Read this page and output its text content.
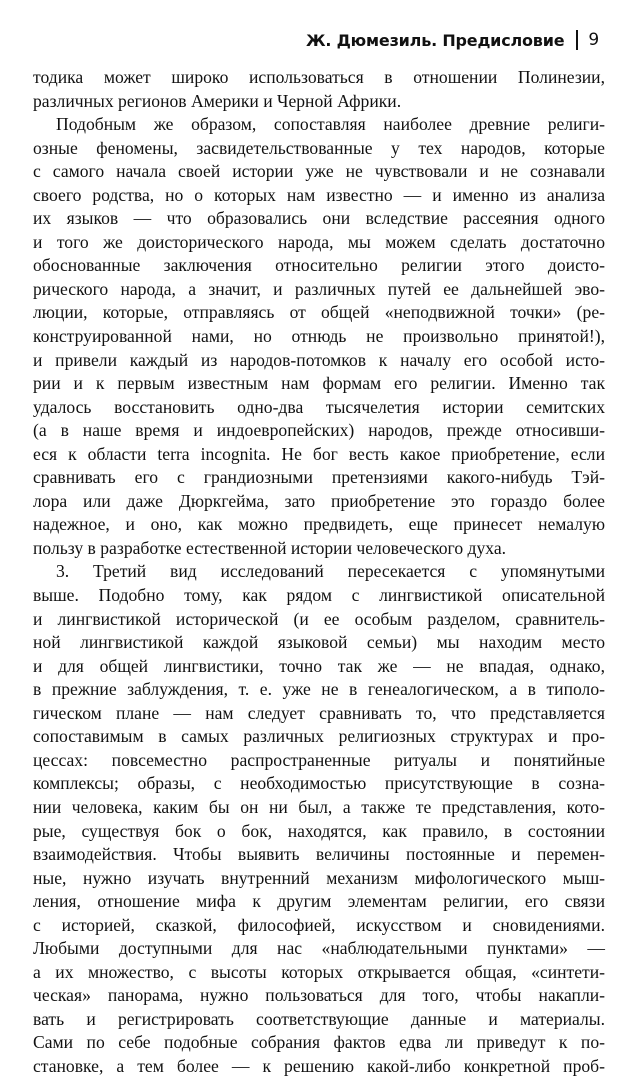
Ж. Дюмезиль. Предисловие 9
тодика может широко использоваться в отношении Полинезии,
различных регионов Америки и Черной Африки.
Подобным же образом, сопоставляя наиболее древние религи-
озные феномены, засвидетельствованные у тех народов, которые
с самого начала своей истории уже не чувствовали и не сознавали
своего родства, но о которых нам известно — и именно из анализа
их языков — что образовались они вследствие рассеяния одного
и того же доисторического народа, мы можем сделать достаточно
обоснованные заключения относительно религии этого доисто-
рического народа, а значит, и различных путей ее дальнейшей эво-
люции, которые, отправляясь от общей «неподвижной точки» (ре-
конструированной нами, но отнюдь не произвольно принятой!),
и привели каждый из народов-потомков к началу его особой исто-
рии и к первым известным нам формам его религии. Именно так
удалось восстановить одно-два тысячелетия истории семитских
(а в наше время и индоевропейских) народов, прежде относивши-
еся к области terra incognita. Не бог весть какое приобретение, если
сравнивать его с грандиозными претензиями какого-нибудь Тэй-
лора или даже Дюркгейма, зато приобретение это гораздо более
надежное, и оно, как можно предвидеть, еще принесет немалую
пользу в разработке естественной истории человеческого духа.
3. Третий вид исследований пересекается с упомянутыми
выше. Подобно тому, как рядом с лингвистикой описательной
и лингвистикой исторической (и ее особым разделом, сравнитель-
ной лингвистикой каждой языковой семьи) мы находим место
и для общей лингвистики, точно так же — не впадая, однако,
в прежние заблуждения, т. е. уже не в генеалогическом, а в типоло-
гическом плане — нам следует сравнивать то, что представляется
сопоставимым в самых различных религиозных структурах и про-
цессах: повсеместно распространенные ритуалы и понятийные
комплексы; образы, с необходимостью присутствующие в созна-
нии человека, каким бы он ни был, а также те представления, кото-
рые, существуя бок о бок, находятся, как правило, в состоянии
взаимодействия. Чтобы выявить величины постоянные и перемен-
ные, нужно изучать внутренний механизм мифологического мыш-
ления, отношение мифа к другим элементам религии, его связи
с историей, сказкой, философией, искусством и сновидениями.
Любыми доступными для нас «наблюдательными пунктами» —
а их множество, с высоты которых открывается общая, «синтети-
ческая» панорама, нужно пользоваться для того, чтобы накапли-
вать и регистрировать соответствующие данные и материалы.
Сами по себе подобные собрания фактов едва ли приведут к по-
становке, а тем более — к решению какой-либо конкретной проб-
